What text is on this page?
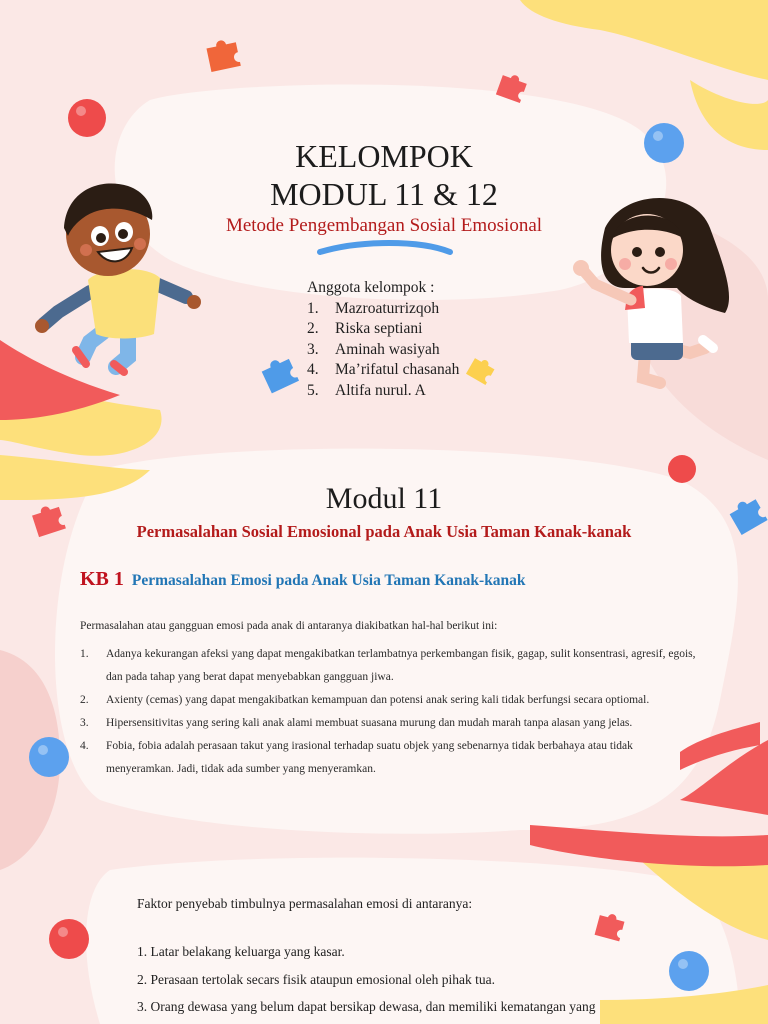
KELOMPOK
MODUL 11 & 12
Metode Pengembangan Sosial Emosional
Anggota kelompok :
1.	Mazroaturrizqoh
2.	Riska septiani
3.	Aminah wasiyah
4.	Ma’rifatul chasanah
5.	Altifa nurul. A
Modul 11
Permasalahan Sosial Emosional pada Anak Usia Taman Kanak-kanak
KB 1 Permasalahan Emosi pada Anak Usia Taman Kanak-kanak
Permasalahan atau gangguan emosi pada anak di antaranya diakibatkan hal-hal berikut ini:
1.	Adanya kekurangan afeksi yang dapat mengakibatkan terlambatnya perkembangan fisik, gagap, sulit konsentrasi, agresif, egois, dan pada tahap yang berat dapat menyebabkan gangguan jiwa.
2.	Axienty (cemas) yang dapat mengakibatkan kemampuan dan potensi anak sering kali tidak berfungsi secara optiomal.
3.	Hipersensitivitas yang sering kali anak alami membuat suasana murung dan mudah marah tanpa alasan yang jelas.
4.	Fobia, fobia adalah perasaan takut yang irasional terhadap suatu objek yang sebenarnya tidak berbahaya atau tidak menyeramkan. Jadi, tidak ada sumber yang menyeramkan.
Faktor penyebab timbulnya permasalahan emosi di antaranya:
1. Latar belakang keluarga yang kasar.
2. Perasaan tertolak secars fisik ataupun emosional oleh pihak tua.
3. Orang dewasa yang belum dapat bersikap dewasa, dan memiliki kematangan yang
